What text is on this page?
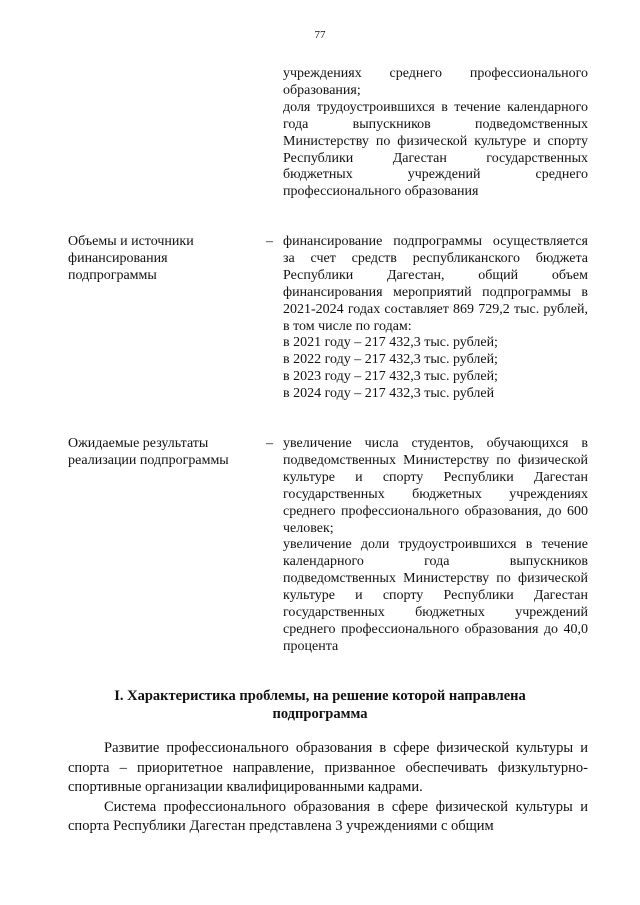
77

учреждениях среднего профессионального образования;

доля трудоустроившихся в течение календарного года выпускников подведомственных Министерству по физической культуре и спорту Республики Дагестан государственных бюджетных учреждений среднего профессионального образования

Объемы и источники финансирования подпрограммы
– финансирование подпрограммы осуществляется за счет средств республиканского бюджета Республики Дагестан, общий объем финансирования мероприятий подпрограммы в 2021-2024 годах составляет 869 729,2 тыс. рублей, в том числе по годам:

в 2021 году – 217 432,3 тыс. рублей;

в 2022 году – 217 432,3 тыс. рублей;

в 2023 году – 217 432,3 тыс. рублей;

в 2024 году – 217 432,3 тыс. рублей

Ожидаемые результаты реализации подпрограммы
– увеличение числа студентов, обучающихся в подведомственных Министерству по физической культуре и спорту Республики Дагестан государственных бюджетных учреждениях среднего профессионального образования, до 600 человек;

увеличение доли трудоустроившихся в течение календарного года выпускников подведомственных Министерству по физической культуре и спорту Республики Дагестан государственных бюджетных учреждений среднего профессионального образования до 40,0 процента

I. Характеристика проблемы, на решение которой направлена подпрограмма

Развитие профессионального образования в сфере физической культуры и спорта – приоритетное направление, призванное обеспечивать физкультурно-спортивные организации квалифицированными кадрами.

Система профессионального образования в сфере физической культуры и спорта Республики Дагестан представлена 3 учреждениями с общим
